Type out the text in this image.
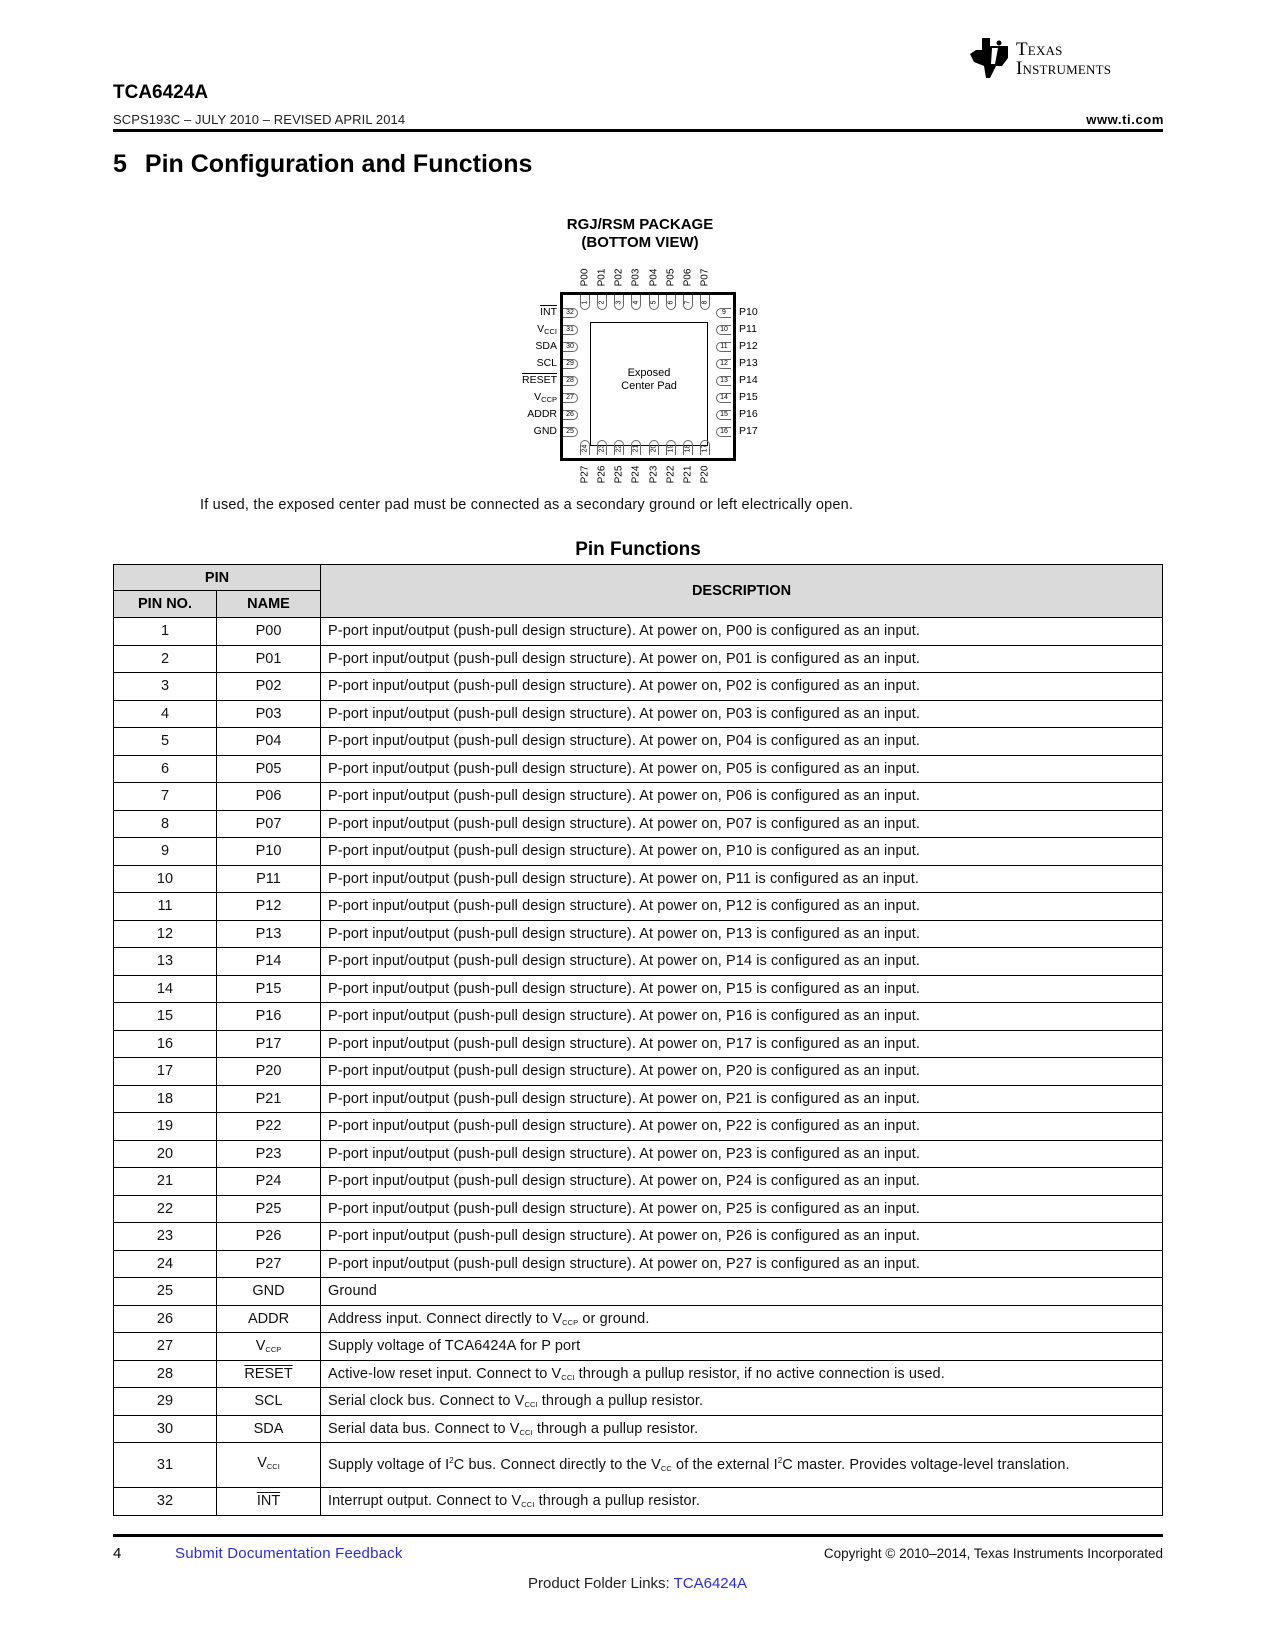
Texas
Instruments
TCA6424A
SCPS193C – JULY 2010 – REVISED APRIL 2014	www.ti.com
5 Pin Configuration and Functions
RGJ/RSM PACKAGE
(BOTTOM VIEW)
Exposed
Center Pad
1
P00
2
P01
3
P02
4
P03
5
P04
6
P05
7
P06
8
P07
24
P27
23
P26
22
P25
21
P24
20
P23
19
P22
18
P21
17
P20
32
$\overline{INT}$
31
$V_{CCI}$
30
SDA
29
SCL
28
RESET
27
$V_{CCP}$
26
ADDR
25
GND
9	P10
10 P11
11	P12
12 P13
13 P14
14 P15
15 P16
16 P17
If used, the exposed center pad must be connected as a secondary ground or left electrically open.
Pin Functions
PIN		DESCRIPTION
PIN NO.	NAME	
1	P00	P-port input/output (push-pull design structure). At power on, P00 is configured as an input.
2	P01	P-port input/output (push-pull design structure). At power on, P01 is configured as an input.
3	P02	P-port input/output (push-pull design structure). At power on, P02 is configured as an input.
4	P03	P-port input/output (push-pull design structure). At power on, P03 is configured as an input.
5	P04	P-port input/output (push-pull design structure). At power on, P04 is configured as an input.
6	P05	P-port input/output (push-pull design structure). At power on, P05 is configured as an input.
7	P06	P-port input/output (push-pull design structure). At power on, P06 is configured as an input.
8	P07	P-port input/output (push-pull design structure). At power on, P07 is configured as an input.
9	P10	P-port input/output (push-pull design structure). At power on, P10 is configured as an input.
10	P11	P-port input/output (push-pull design structure). At power on, P11 is configured as an input.
11	P12	P-port input/output (push-pull design structure). At power on, P12 is configured as an input.
12	P13	P-port input/output (push-pull design structure). At power on, P13 is configured as an input.
13	P14	P-port input/output (push-pull design structure). At power on, P14 is configured as an input.
14	P15	P-port input/output (push-pull design structure). At power on, P15 is configured as an input.
15	P16	P-port input/output (push-pull design structure). At power on, P16 is configured as an input.
16	P17	P-port input/output (push-pull design structure). At power on, P17 is configured as an input.
17	P20	P-port input/output (push-pull design structure). At power on, P20 is configured as an input.
18	P21	P-port input/output (push-pull design structure). At power on, P21 is configured as an input.
19	P22	P-port input/output (push-pull design structure). At power on, P22 is configured as an input.
20	P23	P-port input/output (push-pull design structure). At power on, P23 is configured as an input.
21	P24	P-port input/output (push-pull design structure). At power on, P24 is configured as an input.
22	P25	P-port input/output (push-pull design structure). At power on, P25 is configured as an input.
23	P26	P-port input/output (push-pull design structure). At power on, P26 is configured as an input.
24	P27	P-port input/output (push-pull design structure). At power on, P27 is configured as an input.
25	GND	Ground
26	ADDR	Address input. Connect directly to $V_{CCP}$ or ground.
27	$V_{CCP}$	Supply voltage of TCA6424A for P port
28	RESET	Active-low reset input. Connect to $V_{CCI}$ through a pullup resistor, if no active connection is used.
29	SCL	Serial clock bus. Connect to $V_{CCI}$ through a pullup resistor.
30	SDA	Serial data bus. Connect to $V_{CCI}$ through a pullup resistor.
31	$V_{CCI}$	Supply voltage of $I^2C$ bus. Connect directly to the $V_{CC}$ of the external $I^2C$ master. Provides voltage-level translation.
32	$\overline{INT}$	Interrupt output. Connect to $V_{CCI}$ through a pullup resistor.
4	Submit Documentation Feedback	Copyright © 2010–2014, Texas Instruments Incorporated
Product Folder Links: TCA6424A
